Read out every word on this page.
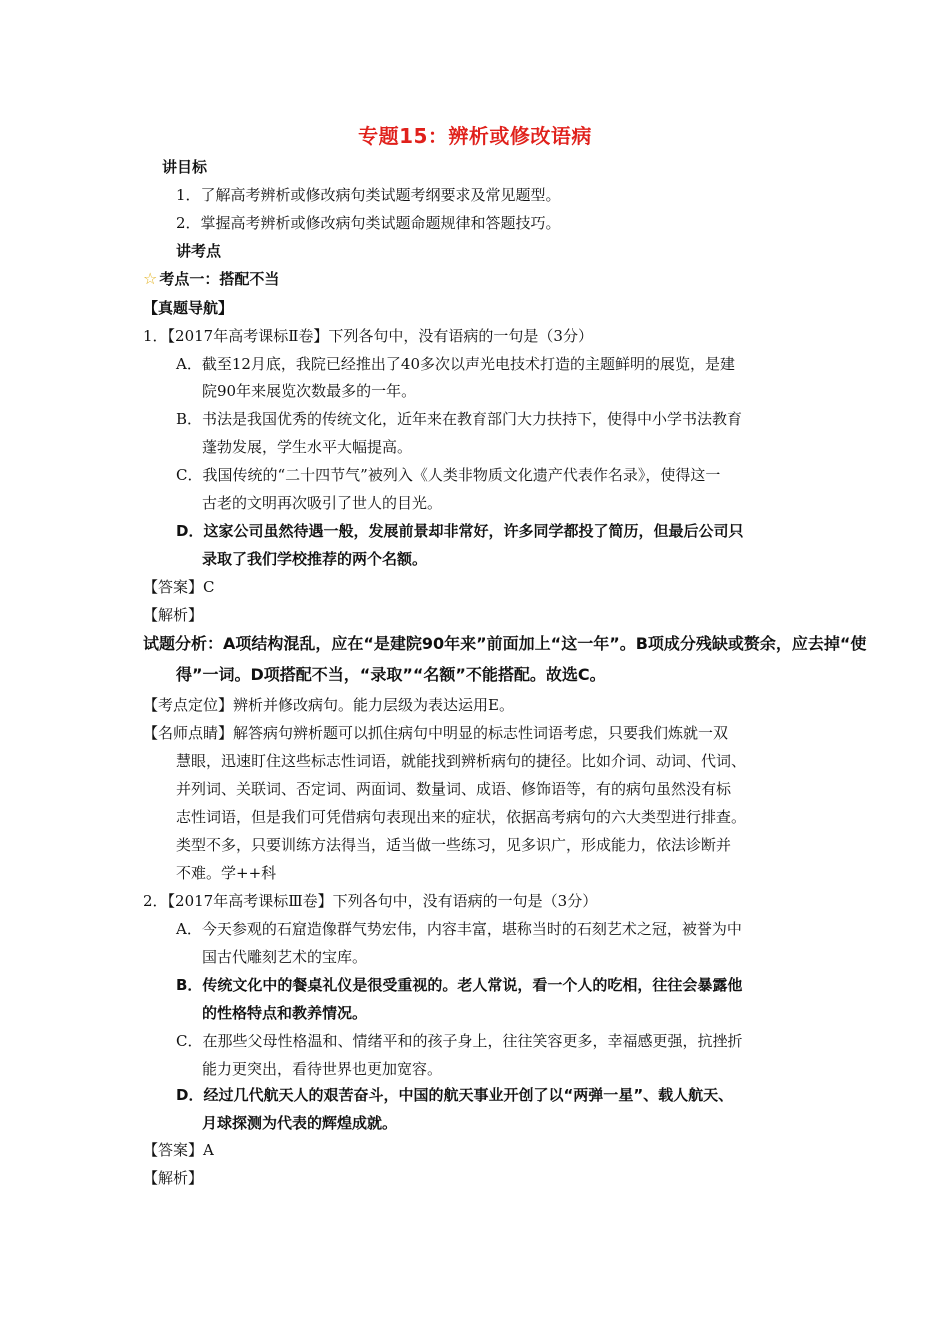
专题15：辨析或修改语病
讲目标
1．了解高考辨析或修改病句类试题考纲要求及常见题型。
2．掌握高考辨析或修改病句类试题命题规律和答题技巧。
讲考点
☆ 考点一：搭配不当
【真题导航】
1．【2017年高考课标Ⅱ卷】下列各句中，没有语病的一句是（3分）
A．截至12月底，我院已经推出了40多次以声光电技术打造的主题鲜明的展览，是建
院90年来展览次数最多的一年。
B．书法是我国优秀的传统文化，近年来在教育部门大力扶持下，使得中小学书法教育
蓬勃发展，学生水平大幅提高。
C．我国传统的“二十四节气”被列入《人类非物质文化遗产代表作名录》，使得这一
古老的文明再次吸引了世人的目光。
D．这家公司虽然待遇一般，发展前景却非常好，许多同学都投了简历，但最后公司只
录取了我们学校推荐的两个名额。
【答案】C
【解析】
试题分析：A项结构混乱，应在“是建院90年来”前面加上“这一年”。B项成分残缺或赘余，应去掉“使
得”一词。D项搭配不当，“录取”“名额”不能搭配。故选C。
【考点定位】辨析并修改病句。能力层级为表达运用E。
【名师点睛】解答病句辨析题可以抓住病句中明显的标志性词语考虑，只要我们炼就一双
慧眼，迅速盯住这些标志性词语，就能找到辨析病句的捷径。比如介词、动词、代词、
并列词、关联词、否定词、两面词、数量词、成语、修饰语等，有的病句虽然没有标
志性词语，但是我们可凭借病句表现出来的症状，依据高考病句的六大类型进行排查。
类型不多，只要训练方法得当，适当做一些练习，见多识广，形成能力，依法诊断并
不难。学++科
2．【2017年高考课标Ⅲ卷】下列各句中，没有语病的一句是（3分）
A．今天参观的石窟造像群气势宏伟，内容丰富，堪称当时的石刻艺术之冠，被誉为中
国古代雕刻艺术的宝库。
B．传统文化中的餐桌礼仪是很受重视的。老人常说，看一个人的吃相，往往会暴露他
的性格特点和教养情况。
C．在那些父母性格温和、情绪平和的孩子身上，往往笑容更多，幸福感更强，抗挫折
能力更突出，看待世界也更加宽容。
D．经过几代航天人的艰苦奋斗，中国的航天事业开创了以“两弹一星”、载人航天、
月球探测为代表的辉煌成就。
【答案】A
【解析】
